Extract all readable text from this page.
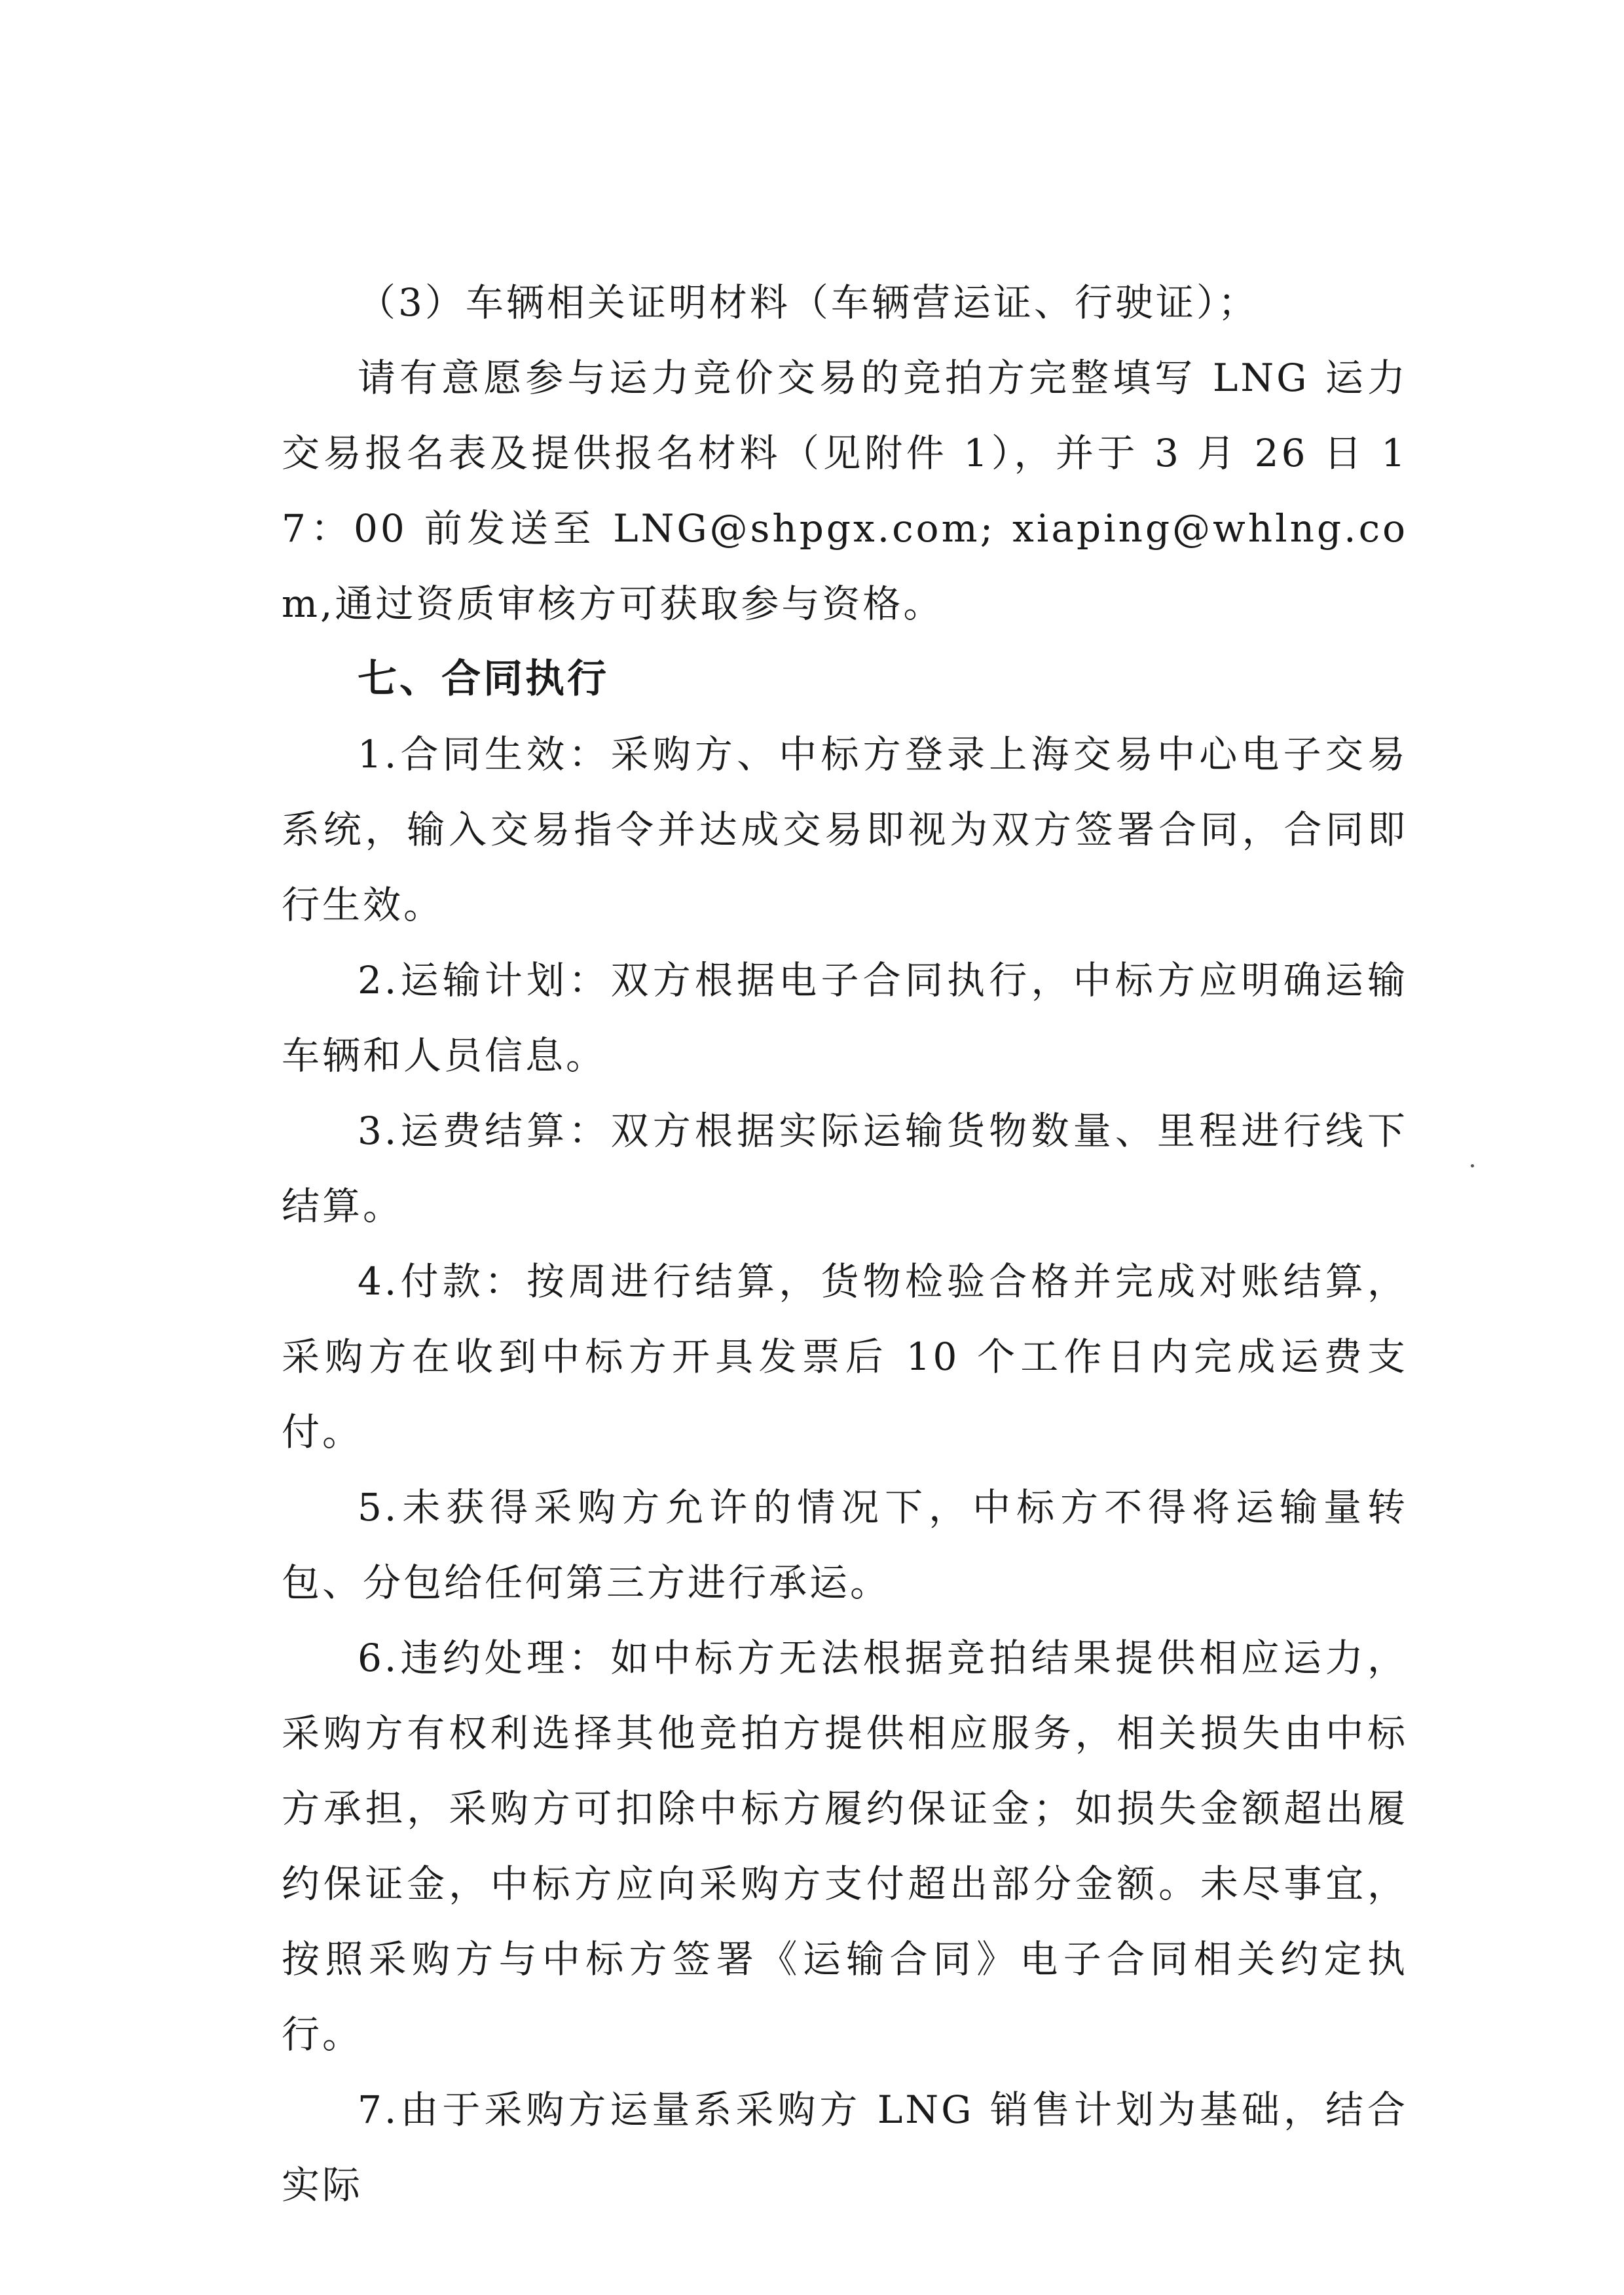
（3）车辆相关证明材料（车辆营运证、行驶证）；

请有意愿参与运力竞价交易的竞拍方完整填写 LNG 运力交易报名表及提供报名材料（见附件 1），并于 3 月 26 日 17：00 前发送至 LNG@shpgx.com; xiaping@whlng.com,通过资质审核方可获取参与资格。

七、合同执行

1.合同生效：采购方、中标方登录上海交易中心电子交易系统，输入交易指令并达成交易即视为双方签署合同，合同即行生效。

2.运输计划：双方根据电子合同执行，中标方应明确运输车辆和人员信息。

3.运费结算：双方根据实际运输货物数量、里程进行线下结算。

4.付款：按周进行结算，货物检验合格并完成对账结算，采购方在收到中标方开具发票后 10 个工作日内完成运费支付。

5.未获得采购方允许的情况下，中标方不得将运输量转包、分包给任何第三方进行承运。

6.违约处理：如中标方无法根据竞拍结果提供相应运力，采购方有权利选择其他竞拍方提供相应服务，相关损失由中标方承担，采购方可扣除中标方履约保证金；如损失金额超出履约保证金，中标方应向采购方支付超出部分金额。未尽事宜，按照采购方与中标方签署《运输合同》电子合同相关约定执行。

7.由于采购方运量系采购方 LNG 销售计划为基础，结合实际
